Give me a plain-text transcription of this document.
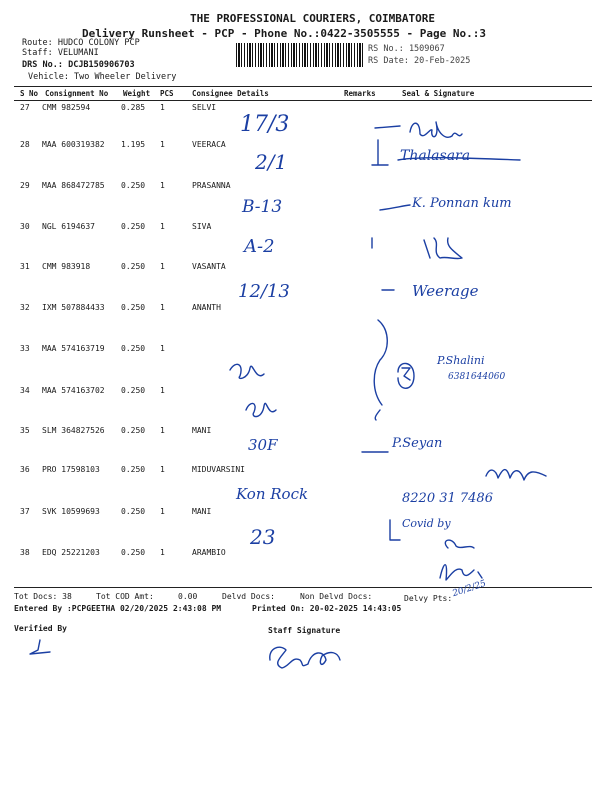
THE PROFESSIONAL COURIERS, COIMBATORE
Delivery Runsheet - PCP - Phone No.:0422-3505555 - Page No.:3
Route: HUDCO COLONY PCP
Staff: VELUMANI
DRS No.: DCJB150906703
Vehicle: Two Wheeler Delivery
RS No.: 1509067
RS Date: 20-Feb-2025
S No Consignment No Weight PCS Consignee Details	Remarks	Seal & Signature
27 CMM 982594	0.285 1	SELVI
28 MAA 600319382 1.195 1	VEERACA
29 MAA 868472785 0.250 1	PRASANNA
30 NGL 6194637	0.250 1	SIVA
31 CMM 983918	0.250 1	VASANTA
32 IXM 507884433 0.250 1	ANANTH
33 MAA 574163719 0.250 1
34 MAA 574163702 0.250 1
35 SLM 364827526 0.250 1	MANI
36 PRO 17598103	0.250 1	MIDUVARSINI
37 SVK 10599693	0.250 1	MANI
38 EDQ 25221203	0.250 1	ARAMBIO
17/3
2/1
B-13
A-2
12/13
30F
Kon Rock
23
Thalasara
K. Ponnan kum
Weerage
P.Shalini
6381644060
P.Seyan
8220 31 7486
Covid by
20/2/25
Tot Docs: 38	Tot COD Amt:	0.00	Delvd Docs:	Non Delvd Docs:	Delvy Pts:
Entered By :PCPGEETHA 02/20/2025 2:43:08 PM	Printed On: 20-02-2025 14:43:05
Verified By	Staff Signature
